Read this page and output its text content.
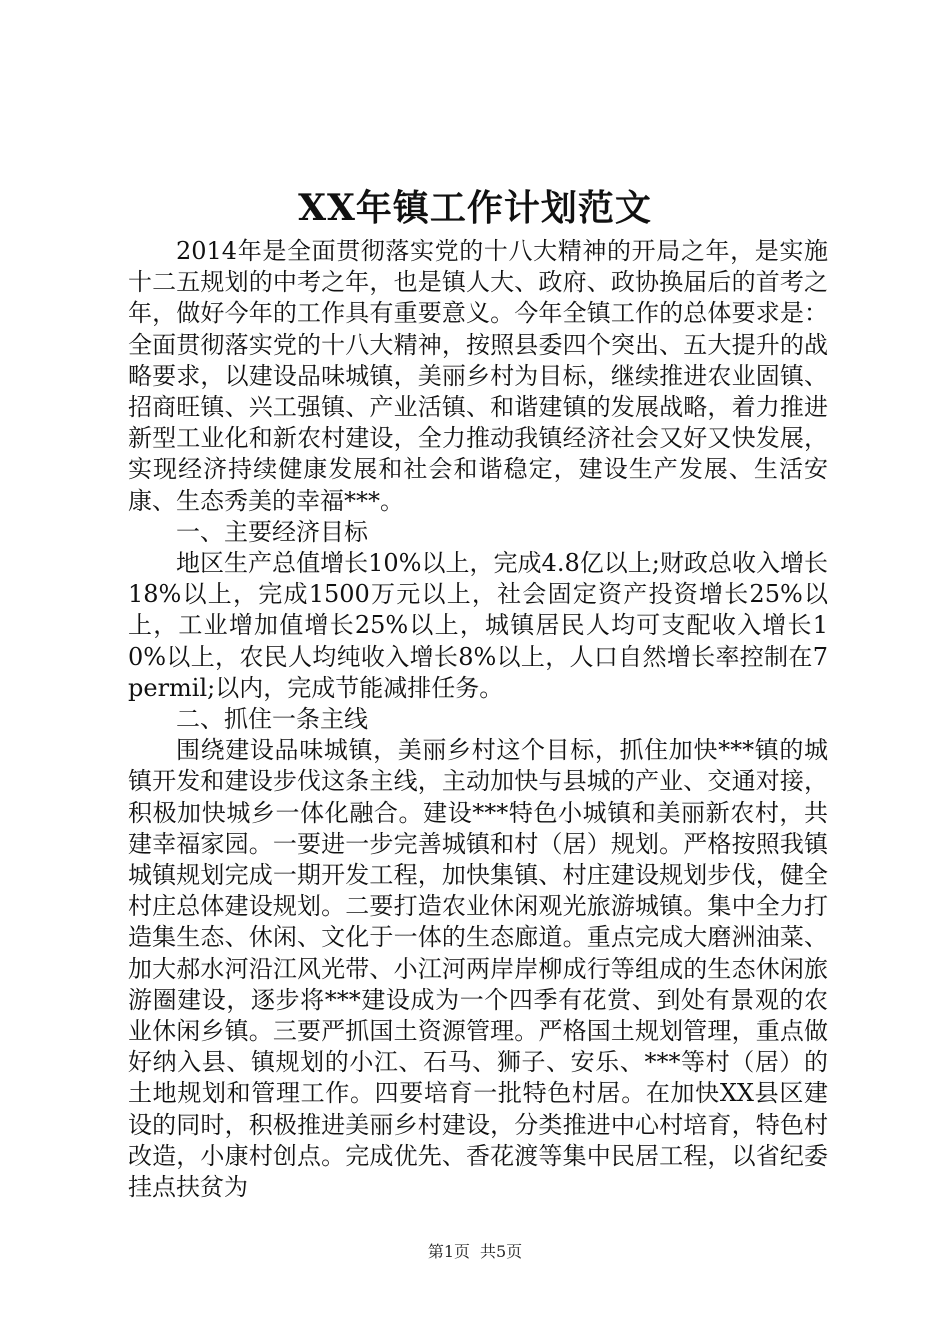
XX年镇工作计划范文

2014年是全面贯彻落实党的十八大精神的开局之年，是实施十二五规划的中考之年，也是镇人大、政府、政协换届后的首考之年，做好今年的工作具有重要意义。今年全镇工作的总体要求是：全面贯彻落实党的十八大精神，按照县委四个突出、五大提升的战略要求，以建设品味城镇，美丽乡村为目标，继续推进农业固镇、招商旺镇、兴工强镇、产业活镇、和谐建镇的发展战略，着力推进新型工业化和新农村建设，全力推动我镇经济社会又好又快发展，实现经济持续健康发展和社会和谐稳定，建设生产发展、生活安康、生态秀美的幸福***。

一、主要经济目标

地区生产总值增长10%以上，完成4.8亿以上;财政总收入增长18%以上，完成1500万元以上，社会固定资产投资增长25%以上，工业增加值增长25%以上，城镇居民人均可支配收入增长10%以上，农民人均纯收入增长8%以上，人口自然增长率控制在7permil;以内，完成节能减排任务。

二、抓住一条主线

围绕建设品味城镇，美丽乡村这个目标，抓住加快***镇的城镇开发和建设步伐这条主线，主动加快与县城的产业、交通对接，积极加快城乡一体化融合。建设***特色小城镇和美丽新农村，共建幸福家园。一要进一步完善城镇和村（居）规划。严格按照我镇城镇规划完成一期开发工程，加快集镇、村庄建设规划步伐，健全村庄总体建设规划。二要打造农业休闲观光旅游城镇。集中全力打造集生态、休闲、文化于一体的生态廊道。重点完成大磨洲油菜、加大郝水河沿江风光带、小江河两岸岸柳成行等组成的生态休闲旅游圈建设，逐步将***建设成为一个四季有花赏、到处有景观的农业休闲乡镇。三要严抓国土资源管理。严格国土规划管理，重点做好纳入县、镇规划的小江、石马、狮子、安乐、***等村（居）的土地规划和管理工作。四要培育一批特色村居。在加快XX县区建设的同时，积极推进美丽乡村建设，分类推进中心村培育，特色村改造，小康村创点。完成优先、香花渡等集中民居工程，以省纪委挂点扶贫为

第1页 共5页
